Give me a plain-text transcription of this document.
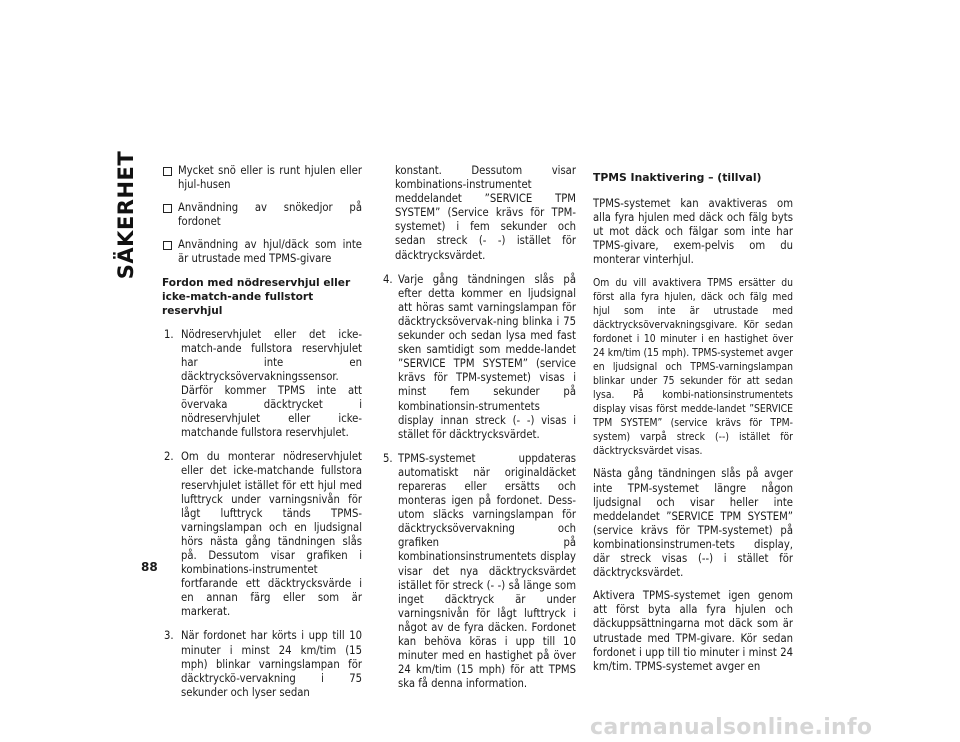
SÄKERHET
88
Mycket snö eller is runt hjulen eller hjul-husen
Användning av snökedjor på fordonet
Användning av hjul/däck som inte är utrustade med TPMS-givare
Fordon med nödreservhjul eller icke-match-ande fullstort reservhjul
1. Nödreservhjulet eller det icke-match-ande fullstora reservhjulet har inte en däcktrycksövervakningssensor. Därför kommer TPMS inte att övervaka däcktrycket i nödreservhjulet eller icke-matchande fullstora reservhjulet.
2. Om du monterar nödreservhjulet eller det icke-matchande fullstora reservhjulet istället för ett hjul med lufttryck under varningsnivån för lågt lufttryck tänds TPMS-varningslampan och en ljudsignal hörs nästa gång tändningen slås på. Dessutom visar grafiken i kombinations-instrumentet fortfarande ett däcktrycksvärde i en annan färg eller som är markerat.
3. När fordonet har körts i upp till 10 minuter i minst 24 km/tim (15 mph) blinkar varningslampan för däcktryckö-vervakning i 75 sekunder och lyser sedan
konstant. Dessutom visar kombinations-instrumentet meddelandet ”SERVICE TPM SYSTEM” (Service krävs för TPM-systemet) i fem sekunder och sedan streck (- -) istället för däcktrycksvärdet.
4. Varje gång tändningen slås på efter detta kommer en ljudsignal att höras samt varningslampan för däcktrycksövervak-ning blinka i 75 sekunder och sedan lysa med fast sken samtidigt som medde-landet ”SERVICE TPM SYSTEM” (service krävs för TPM-systemet) visas i minst fem sekunder på kombinationsin-strumentets display innan streck (- -) visas i stället för däcktrycksvärdet.
5. TPMS-systemet uppdateras automatiskt när originaldäcket repareras eller ersätts och monteras igen på fordonet. Dess-utom släcks varningslampan för däcktrycksövervakning och grafiken på kombinationsinstrumentets display visar det nya däcktrycksvärdet istället för streck (- -) så länge som inget däcktryck är under varningsnivån för lågt lufttryck i något av de fyra däcken. Fordonet kan behöva köras i upp till 10 minuter med en hastighet på över 24 km/tim (15 mph) för att TPMS ska få denna information.
TPMS Inaktivering – (tillval)

TPMS-systemet kan avaktiveras om alla fyra hjulen med däck och fälg byts ut mot däck och fälgar som inte har TPMS-givare, exem-pelvis om du monterar vinterhjul.

Om du vill avaktivera TPMS ersätter du först alla fyra hjulen, däck och fälg med hjul som inte är utrustade med däcktrycksövervakningsgivare. Kör sedan fordonet i 10 minuter i en hastighet över 24 km/tim (15 mph). TPMS-systemet avger en ljudsignal och TPMS-varningslampan blinkar under 75 sekunder för att sedan lysa. På kombi-nationsinstrumentets display visas först medde-landet ”SERVICE TPM SYSTEM” (service krävs för TPM-system) varpå streck (--) istället för däcktrycksvärdet visas.

Nästa gång tändningen slås på avger inte TPM-systemet längre någon ljudsignal och visar heller inte meddelandet ”SERVICE TPM SYSTEM” (service krävs för TPM-systemet) på kombinationsinstrumen-tets display, där streck visas (--) i stället för däcktrycksvärdet.

Aktivera TPMS-systemet igen genom att först byta alla fyra hjulen och däckuppsättningarna mot däck som är utrustade med TPM-givare. Kör sedan fordonet i upp till tio minuter i minst 24 km/tim. TPMS-systemet avger en

carmanualsonline.info
